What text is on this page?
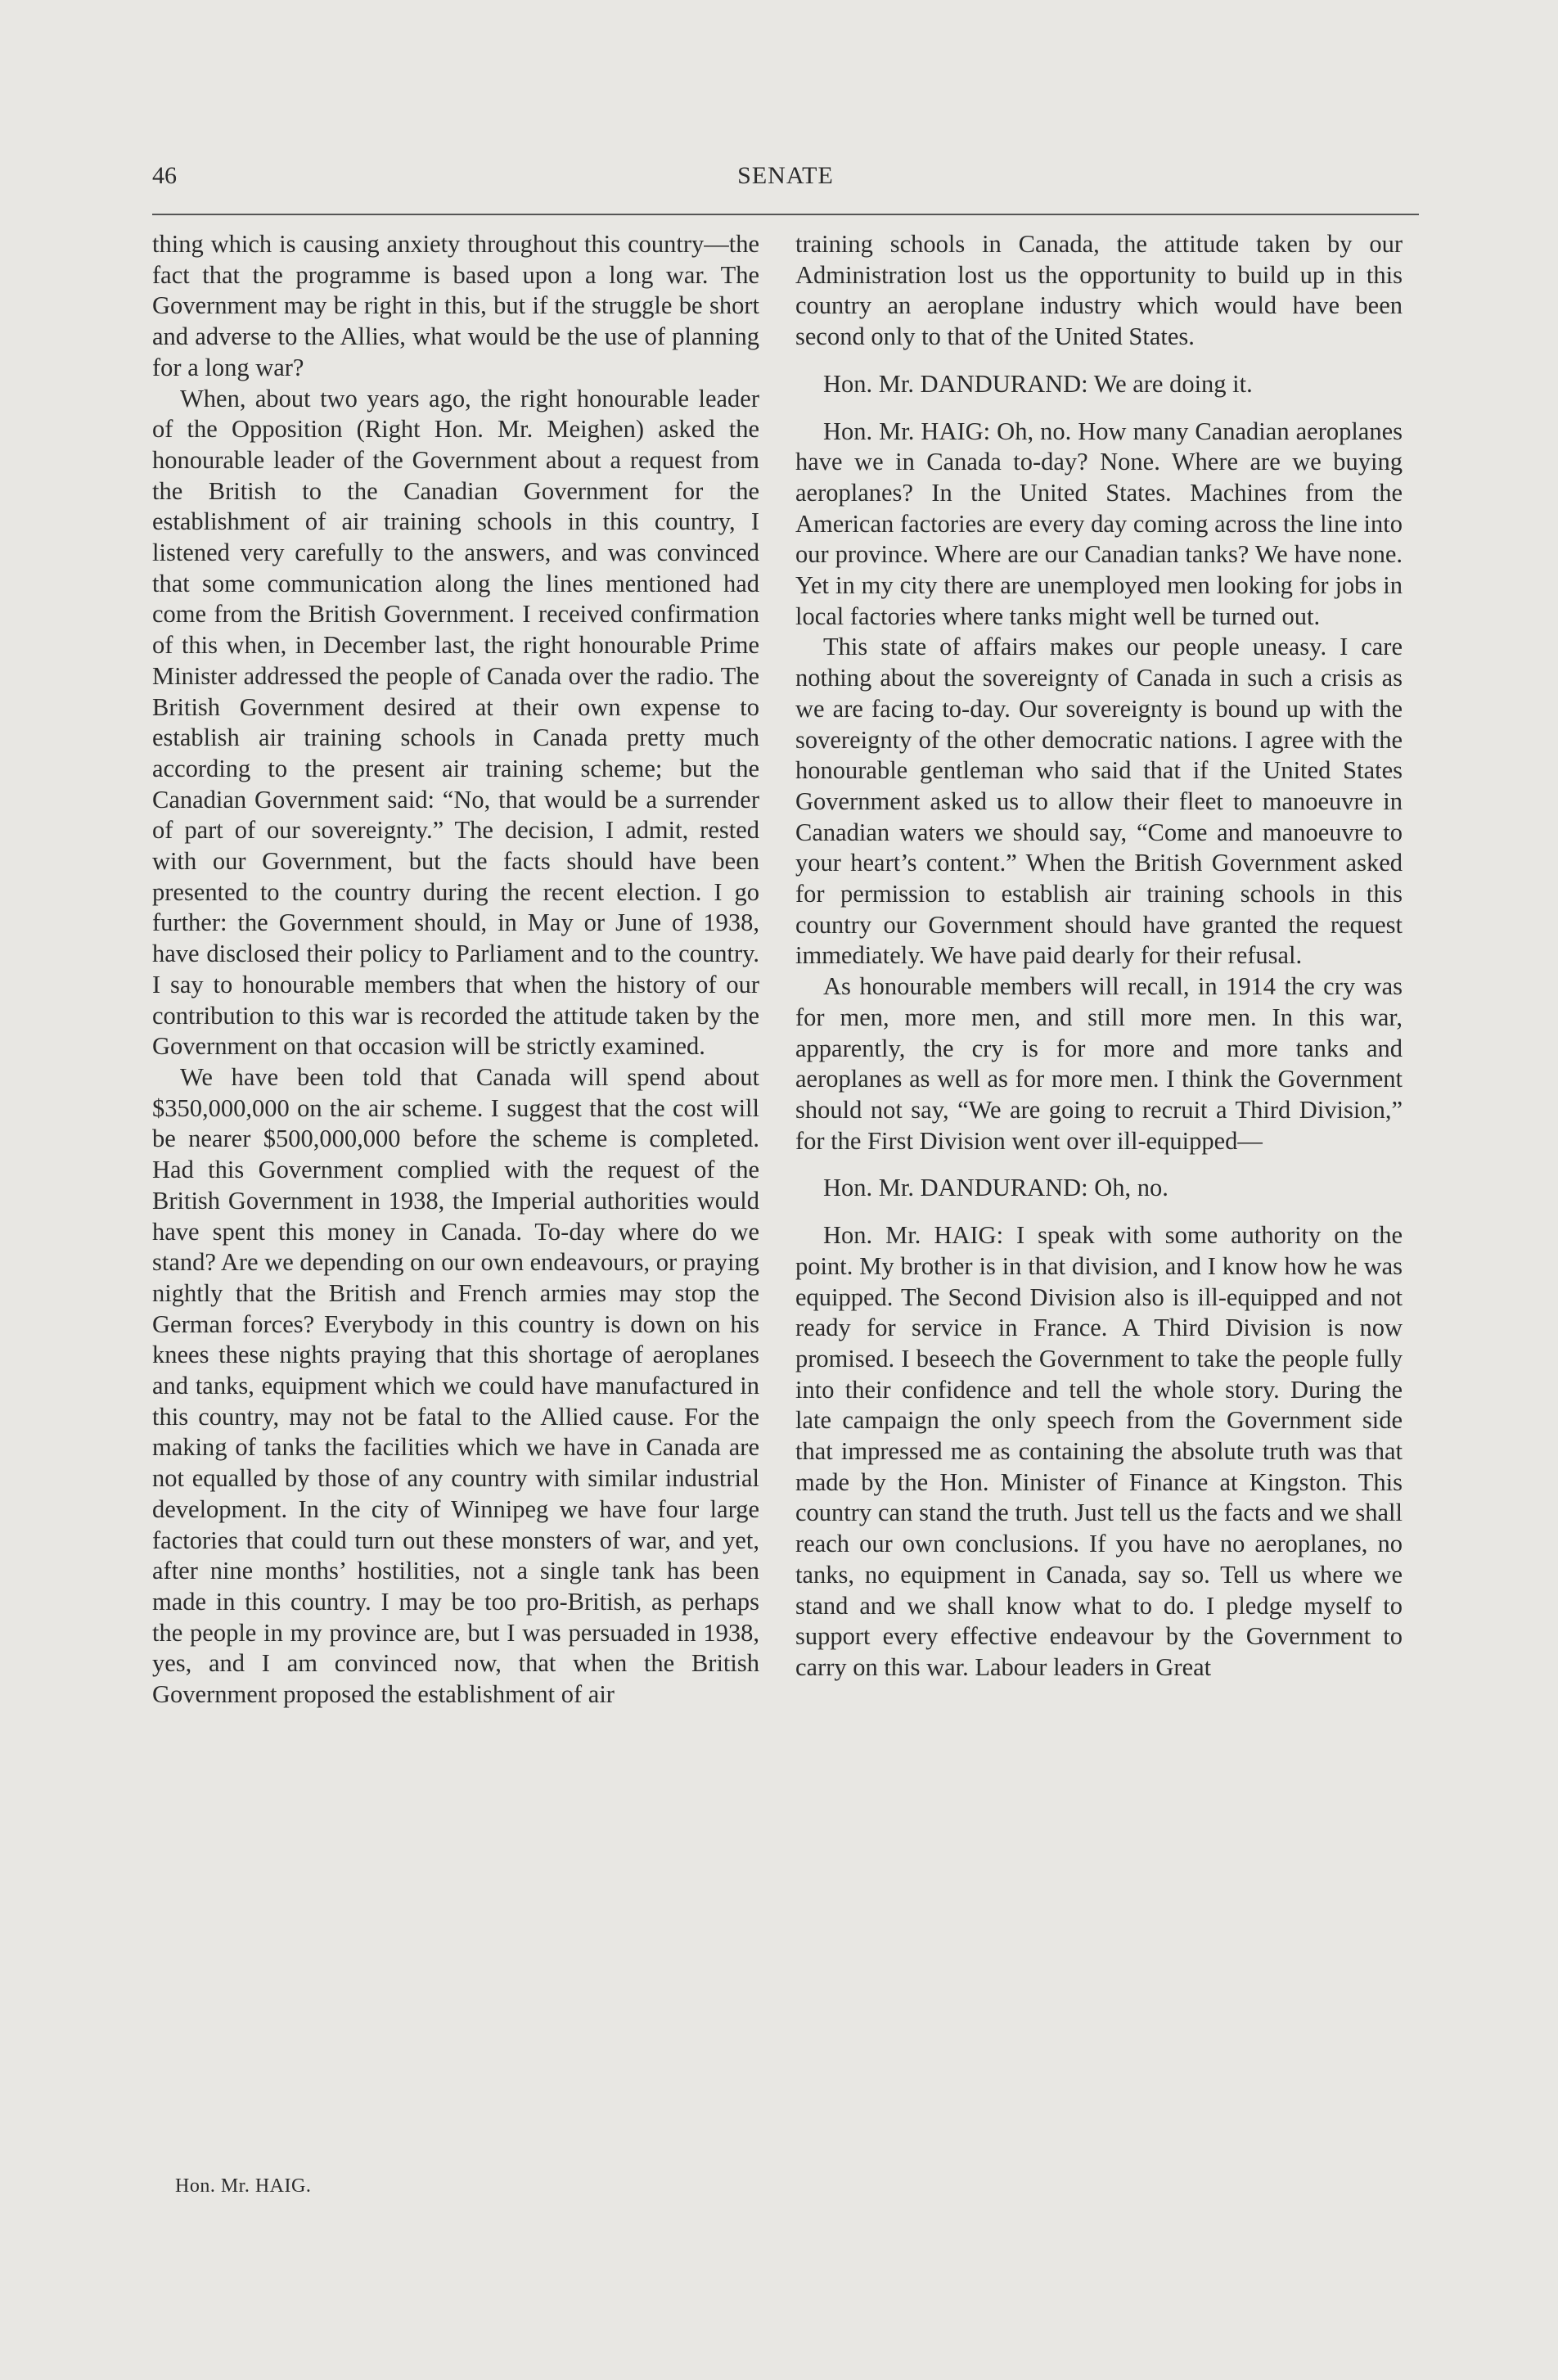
46	SENATE

thing which is causing anxiety throughout this country—the fact that the programme is based upon a long war. The Government may be right in this, but if the struggle be short and adverse to the Allies, what would be the use of planning for a long war?

When, about two years ago, the right honourable leader of the Opposition (Right Hon. Mr. Meighen) asked the honourable leader of the Government about a request from the British to the Canadian Government for the establishment of air training schools in this country, I listened very carefully to the answers, and was convinced that some communication along the lines mentioned had come from the British Government. I received confirmation of this when, in December last, the right honourable Prime Minister addressed the people of Canada over the radio. The British Government desired at their own expense to establish air training schools in Canada pretty much according to the present air training scheme; but the Canadian Government said: “No, that would be a surrender of part of our sovereignty.” The decision, I admit, rested with our Government, but the facts should have been presented to the country during the recent election. I go further: the Government should, in May or June of 1938, have disclosed their policy to Parliament and to the country. I say to honourable members that when the history of our contribution to this war is recorded the attitude taken by the Government on that occasion will be strictly examined.

We have been told that Canada will spend about $350,000,000 on the air scheme. I suggest that the cost will be nearer $500,000,000 before the scheme is completed. Had this Government complied with the request of the British Government in 1938, the Imperial authorities would have spent this money in Canada. To-day where do we stand? Are we depending on our own endeavours, or praying nightly that the British and French armies may stop the German forces? Everybody in this country is down on his knees these nights praying that this shortage of aeroplanes and tanks, equipment which we could have manufactured in this country, may not be fatal to the Allied cause. For the making of tanks the facilities which we have in Canada are not equalled by those of any country with similar industrial development. In the city of Winnipeg we have four large factories that could turn out these monsters of war, and yet, after nine months’ hostilities, not a single tank has been made in this country. I may be too pro-British, as perhaps the people in my province are, but I was persuaded in 1938, yes, and I am convinced now, that when the British Government proposed the establishment of air

training schools in Canada, the attitude taken by our Administration lost us the opportunity to build up in this country an aeroplane industry which would have been second only to that of the United States.

Hon. Mr. DANDURAND: We are doing it.

Hon. Mr. HAIG: Oh, no. How many Canadian aeroplanes have we in Canada to-day? None. Where are we buying aeroplanes? In the United States. Machines from the American factories are every day coming across the line into our province. Where are our Canadian tanks? We have none. Yet in my city there are unemployed men looking for jobs in local factories where tanks might well be turned out.

This state of affairs makes our people uneasy. I care nothing about the sovereignty of Canada in such a crisis as we are facing to-day. Our sovereignty is bound up with the sovereignty of the other democratic nations. I agree with the honourable gentleman who said that if the United States Government asked us to allow their fleet to manoeuvre in Canadian waters we should say, “Come and manoeuvre to your heart’s content.” When the British Government asked for permission to establish air training schools in this country our Government should have granted the request immediately. We have paid dearly for their refusal.

As honourable members will recall, in 1914 the cry was for men, more men, and still more men. In this war, apparently, the cry is for more and more tanks and aeroplanes as well as for more men. I think the Government should not say, “We are going to recruit a Third Division,” for the First Division went over ill-equipped—

Hon. Mr. DANDURAND: Oh, no.

Hon. Mr. HAIG: I speak with some authority on the point. My brother is in that division, and I know how he was equipped. The Second Division also is ill-equipped and not ready for service in France. A Third Division is now promised. I beseech the Government to take the people fully into their confidence and tell the whole story. During the late campaign the only speech from the Government side that impressed me as containing the absolute truth was that made by the Hon. Minister of Finance at Kingston. This country can stand the truth. Just tell us the facts and we shall reach our own conclusions. If you have no aeroplanes, no tanks, no equipment in Canada, say so. Tell us where we stand and we shall know what to do. I pledge myself to support every effective endeavour by the Government to carry on this war. Labour leaders in Great

Hon. Mr. HAIG.
